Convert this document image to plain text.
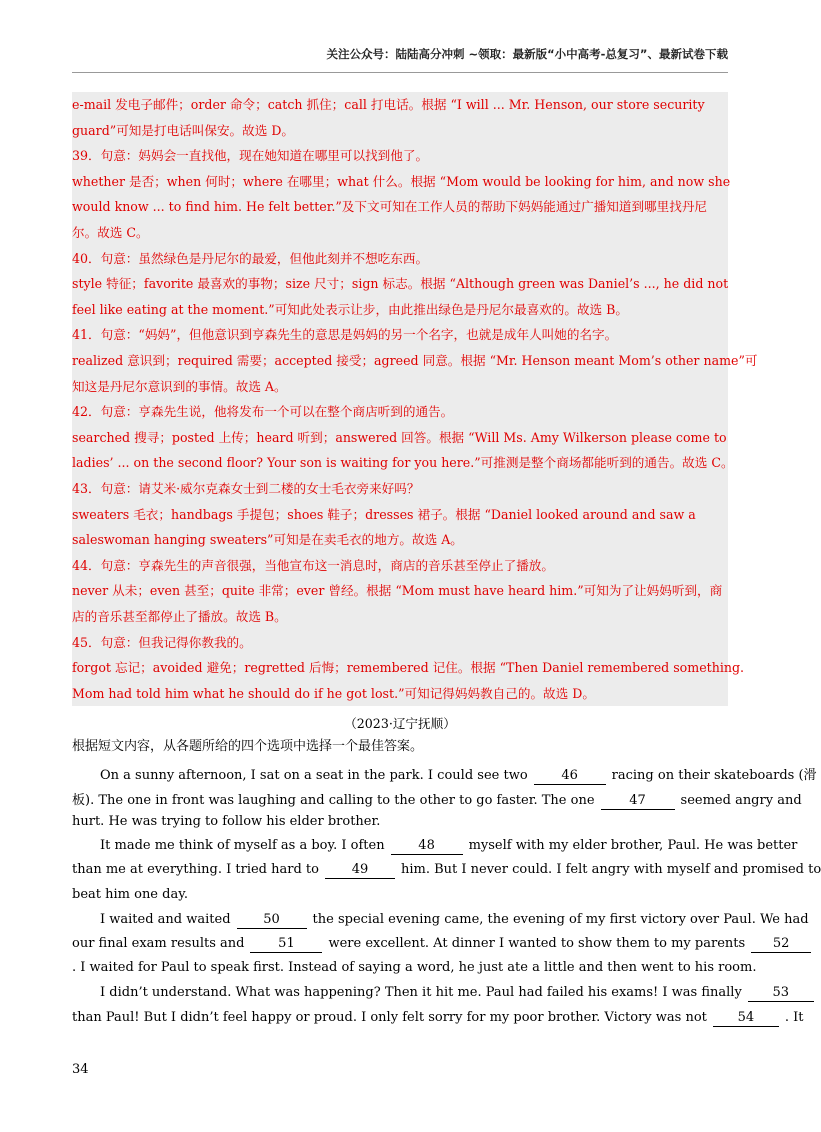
关注公众号：陆陆高分冲刺 ~领取：最新版“小中高考-总复习”、最新试卷下载
e-mail 发电子邮件；order 命令；catch 抓住；call 打电话。根据 “I will ... Mr. Henson, our store security
guard”可知是打电话叫保安。故选 D。
39．句意：妈妈会一直找他，现在她知道在哪里可以找到他了。
whether 是否；when 何时；where 在哪里；what 什么。根据 “Mom would be looking for him, and now she
would know ... to find him. He felt better.”及下文可知在工作人员的帮助下妈妈能通过广播知道到哪里找丹尼
尔。故选 C。
40．句意：虽然绿色是丹尼尔的最爱，但他此刻并不想吃东西。
style 特征；favorite 最喜欢的事物；size 尺寸；sign 标志。根据 “Although green was Daniel’s ..., he did not
feel like eating at the moment.”可知此处表示让步，由此推出绿色是丹尼尔最喜欢的。故选 B。
41．句意：“妈妈”，但他意识到亨森先生的意思是妈妈的另一个名字，也就是成年人叫她的名字。
realized 意识到；required 需要；accepted 接受；agreed 同意。根据 “Mr. Henson meant Mom’s other name”可
知这是丹尼尔意识到的事情。故选 A。
42．句意：亨森先生说，他将发布一个可以在整个商店听到的通告。
searched 搜寻；posted 上传；heard 听到；answered 回答。根据 “Will Ms. Amy Wilkerson please come to
ladies’ ... on the second floor? Your son is waiting for you here.”可推测是整个商场都能听到的通告。故选 C。
43．句意：请艾米·威尔克森女士到二楼的女士毛衣旁来好吗？
sweaters 毛衣；handbags 手提包；shoes 鞋子；dresses 裙子。根据 “Daniel looked around and saw a
saleswoman hanging sweaters”可知是在卖毛衣的地方。故选 A。
44．句意：亨森先生的声音很强，当他宣布这一消息时，商店的音乐甚至停止了播放。
never 从未；even 甚至；quite 非常；ever 曾经。根据 “Mom must have heard him.”可知为了让妈妈听到，商
店的音乐甚至都停止了播放。故选 B。
45．句意：但我记得你教我的。
forgot 忘记；avoided 避免；regretted 后悔；remembered 记住。根据 “Then Daniel remembered something.
Mom had told him what he should do if he got lost.”可知记得妈妈教自己的。故选 D。
（2023·辽宁抚顺）
根据短文内容，从各题所给的四个选项中选择一个最佳答案。
On a sunny afternoon, I sat on a seat in the park. I could see two	46	racing on their skateboards (滑
板). The one in front was laughing and calling to the other to go faster. The one	47	seemed angry and
hurt. He was trying to follow his elder brother.
It made me think of myself as a boy. I often	48	myself with my elder brother, Paul. He was better
than me at everything. I tried hard to	49	him. But I never could. I felt angry with myself and promised to
beat him one day.
I waited and waited	50	the special evening came, the evening of my first victory over Paul. We had
our final exam results and	51	were excellent. At dinner I wanted to show them to my parents 52
. I waited for Paul to speak first. Instead of saying a word, he just ate a little and then went to his room.
I didn’t understand. What was happening? Then it hit me. Paul had failed his exams! I was finally 53
than Paul! But I didn’t feel happy or proud. I only felt sorry for my poor brother. Victory was not 54 . It
34
